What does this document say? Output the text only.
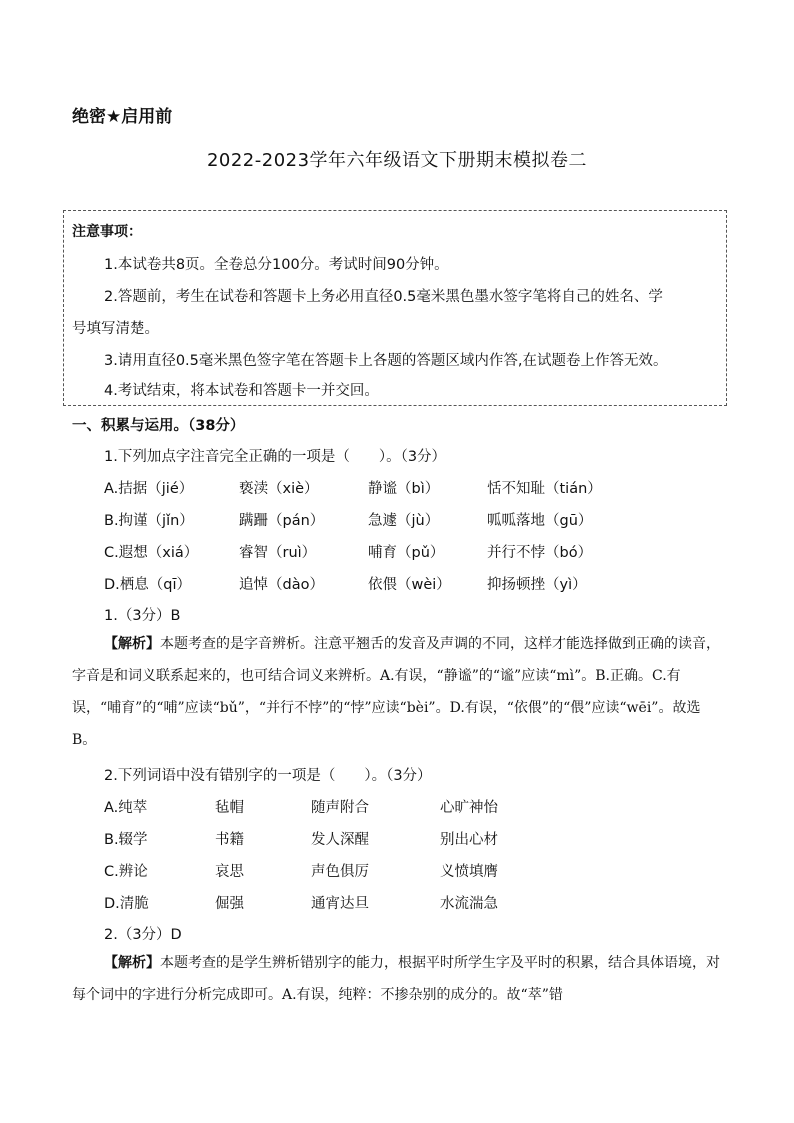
绝密★启用前
2022-2023学年六年级语文下册期末模拟卷二
注意事项：
1.本试卷共8页。全卷总分100分。考试时间90分钟。
2.答题前，考生在试卷和答题卡上务必用直径0.5毫米黑色墨水签字笔将自己的姓名、学
号填写清楚。
3.请用直径0.5毫米黑色签字笔在答题卡上各题的答题区域内作答,在试题卷上作答无效。
4.考试结束，将本试卷和答题卡一并交回。
一、积累与运用。（38分）
1.下列加点字注音完全正确的一项是（　　）。（3分）
A.拮据（jié）	亵渎（xiè）	静谧（bì）	恬不知耻（tián）
B.拘谨（jǐn）	蹒跚（pán）	急遽（jù）	呱呱落地（gū）
C.遐想（xiá）	睿智（ruì）	哺育（pǔ）	并行不悖（bó）
D.栖息（qī）	追悼（dào）	依偎（wèi） 抑扬顿挫（yì）
1.（3分）B
【解析】本题考查的是字音辨析。注意平翘舌的发音及声调的不同，这样才能选择做到正确的读音，字音是和词义联系起来的，也可结合词义来辨析。A.有误，“静谧”的“谧”应读“mì”。B.正确。C.有误，“哺育”的“哺”应读“bǔ”，“并行不悖”的“悖”应读“bèi”。D.有误，“依偎”的“偎”应读“wēi”。故选B。
2.下列词语中没有错别字的一项是（　　）。（3分）
A.纯萃	毡帽	随声附合	心旷神怡
B.辍学	书籍	发人深醒	别出心材
C.辨论	哀思	声色俱厉	义愤填膺
D.清脆	倔强	通宵达旦	水流湍急
2.（3分）D
【解析】本题考查的是学生辨析错别字的能力，根据平时所学生字及平时的积累，结合具体语境，对每个词中的字进行分析完成即可。A.有误，纯粹：不掺杂别的成分的。故“萃”错
